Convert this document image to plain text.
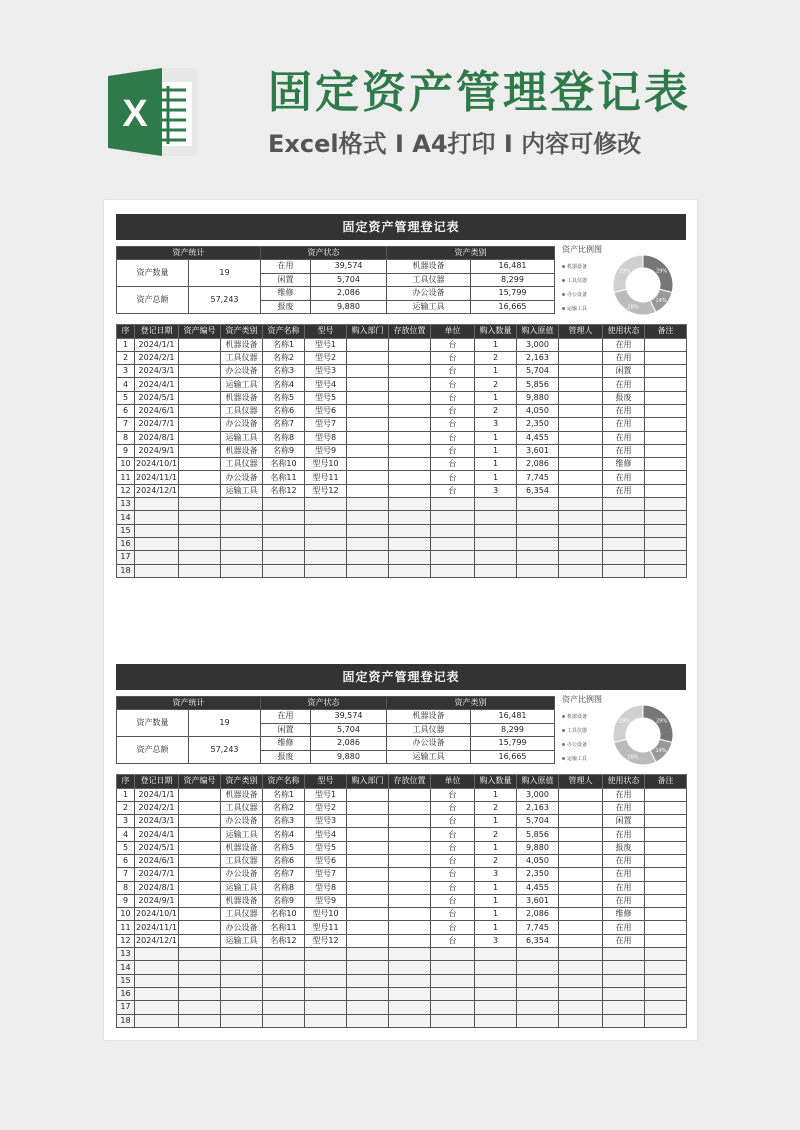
X	固定资产管理登记表
Excel格式 I A4打印 I 内容可修改
固定资产管理登记表
资产统计		资产状态		资产类别	
资产数量	19	在用	39,574	机器设备	16,481
		闲置	5,704	工具仪器	8,299
资产总额	57,243	维修	2,086	办公设备	15,799
		报废	9,880	运输工具	16,665
资产比例图
机器设备
工具仪器
办公设备
运输工具
29%
14%
28%
29%
序	登记日期	资产编号	资产类别	资产名称	型号	购入部门	存放位置	单位	购入数量	购入原值	管理人	使用状态	备注
1	2024/1/1		机器设备	名称1	型号1			台	1	3,000		在用	
2	2024/2/1		工具仪器	名称2	型号2			台	2	2,163		在用	
3	2024/3/1		办公设备	名称3	型号3			台	1	5,704		闲置	
4	2024/4/1		运输工具	名称4	型号4			台	2	5,856		在用	
5	2024/5/1		机器设备	名称5	型号5			台	1	9,880		报废	
6	2024/6/1		工具仪器	名称6	型号6			台	2	4,050		在用	
7	2024/7/1		办公设备	名称7	型号7			台	3	2,350		在用	
8	2024/8/1		运输工具	名称8	型号8			台	1	4,455		在用	
9	2024/9/1		机器设备	名称9	型号9			台	1	3,601		在用	
10	2024/10/1		工具仪器	名称10	型号10			台	1	2,086		维修	
11	2024/11/1		办公设备	名称11	型号11			台	1	7,745		在用	
12	2024/12/1		运输工具	名称12	型号12			台	3	6,354		在用	
13													
14													
15													
16													
17													
18													
固定资产管理登记表
资产统计		资产状态		资产类别	
资产数量	19	在用	39,574	机器设备	16,481
		闲置	5,704	工具仪器	8,299
资产总额	57,243	维修	2,086	办公设备	15,799
		报废	9,880	运输工具	16,665
资产比例图
机器设备
工具仪器
办公设备
运输工具
29%
14%
28%
29%
序	登记日期	资产编号	资产类别	资产名称	型号	购入部门	存放位置	单位	购入数量	购入原值	管理人	使用状态	备注
1	2024/1/1		机器设备	名称1	型号1			台	1	3,000		在用	
2	2024/2/1		工具仪器	名称2	型号2			台	2	2,163		在用	
3	2024/3/1		办公设备	名称3	型号3			台	1	5,704		闲置	
4	2024/4/1		运输工具	名称4	型号4			台	2	5,856		在用	
5	2024/5/1		机器设备	名称5	型号5			台	1	9,880		报废	
6	2024/6/1		工具仪器	名称6	型号6			台	2	4,050		在用	
7	2024/7/1		办公设备	名称7	型号7			台	3	2,350		在用	
8	2024/8/1		运输工具	名称8	型号8			台	1	4,455		在用	
9	2024/9/1		机器设备	名称9	型号9			台	1	3,601		在用	
10	2024/10/1		工具仪器	名称10	型号10			台	1	2,086		维修	
11	2024/11/1		办公设备	名称11	型号11			台	1	7,745		在用	
12	2024/12/1		运输工具	名称12	型号12			台	3	6,354		在用	
13													
14													
15													
16													
17													
18													
